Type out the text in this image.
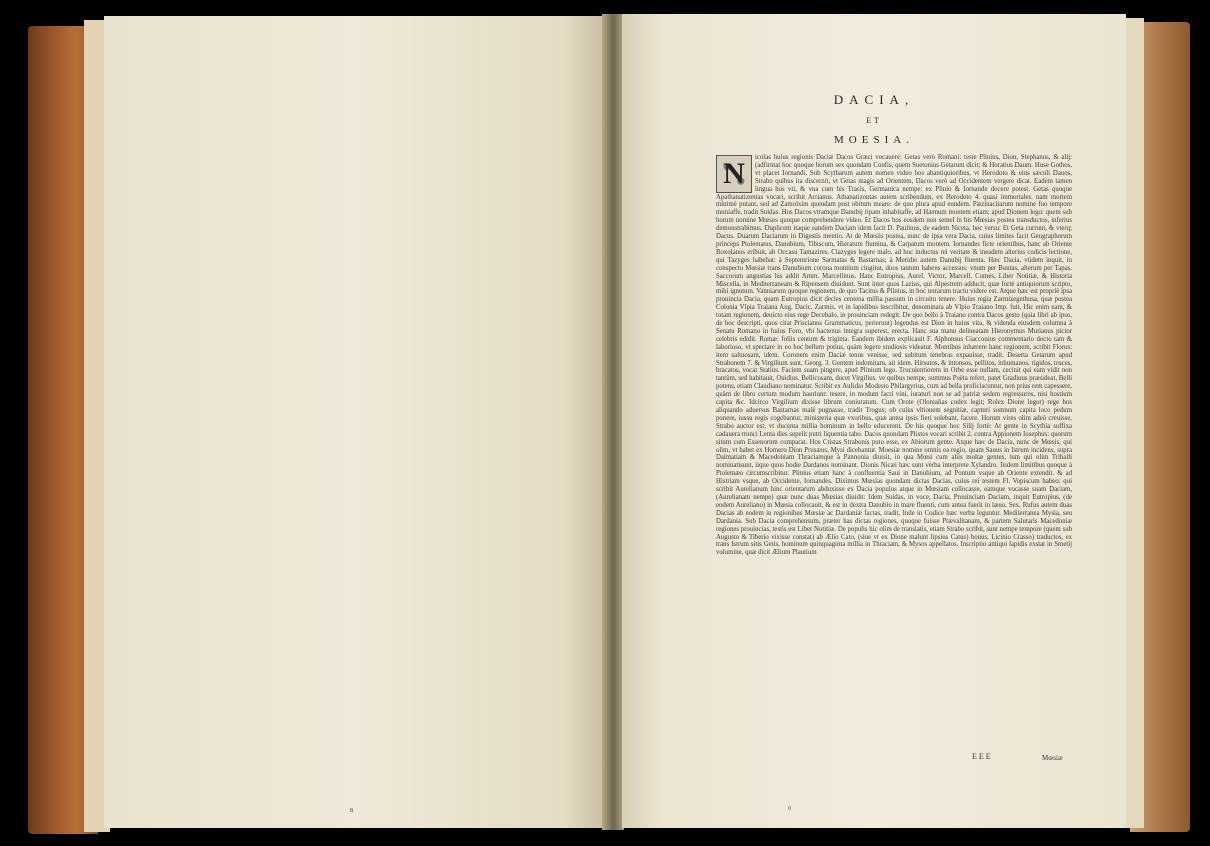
8
DACIA,
ET
MOESIA.
N	icolas huius regionis Daciæ Dacos Græci vocauere: Getas verò Romani: teste Plinius, Dion, Stephanus, & alij: (adfirmat hoc quoque horum sex quondam Confis, quem Suetonius Getarum dicit; & Horatius Daum. Huse Gothos, vt placet Iornandi. Sub Scytharum autem nomen video hos abantiquioribus, vt Herodoto & eius sæculi Dauos, Strabo quibus ita discernit, vt Getas magis ad Orientem, Dacos verò ad Occidentem vergere dicat. Eadem tamen lingua hos vti, & vna cum his Tracis, Germanica nempe: ex Plinio & Iornande docere potest. Getas quoque Apathanatizontas vocari, scribit Arrianus. Athanatizontas autem scribendum, ex Herodoto 4. quasi immortales. nam mortem minimè putant, sed ad Zamolxim quendam post obitum meare: de quo plura apud eundem. Pæzinacitarum nomine fuo tempore muniaffe, tradit Suidas. Hos Dacos vtramque Danubij ripam inhabitaffe, ad Hæmum montem etiam; apud Dionem lego: quem sub horum nomine Mœsos quoque comprehendere video. Et Dacos hos eosdem non semel in his Mœsias postea transductos, inferius demonstrabimus. Duplicem itaque eandem Daciam idem facit D. Paulinus, de eadem Niceta, hoc versu: Et Geta currunt, & vterq; Dacus. Duarum Daciarum in Digestis mentio. At de Mœsiis postea, nunc de ipsa vera Dacia, cuius limites facit Geographorum princeps Ptolemæus, Danubium, Tibiscum, Hieratum flumina, & Carpatum montem. Iornandes ficte orientibus, hanc ab Oriente Roxolanos eribuit, ab Occasu Tamazires. Clazyges legere malo, ad hoc inductus rei veritate & ineadem alterius codicis lectione, qui Tazyges habebat: à Septentrione Sarmatas & Bastarnas; à Meridie autem Danubij fluenta. Hæc Dacia, vtidem inquit, in conspectu Mœsiæ trans Danubium corona montium cingitur, duos tantum habens accessus: vnum per Boutas, alterum per Tapas. Saccorum angustias his addit Amm. Marcellinus. Hanc Eutropius, Aurel. Victor, Marcell. Comes, Liber Notitiæ, & Historia Miscella, in Mediterraneam & Ripensem diuidunt. Sunt inter quos Lazius, qui Alpestrem adducit, quæ fortè antiquiorum scripto, mihi ignotum. Vanniarum quoque regionem, de quo Tacitus & Plinius, in hoc terrarum tractu videre est. Atque hæc est propriè ipsa prouincia Dacia, quam Eutropius dicit decies centena millia passum in circuitu tenere. Huius regia Zarmizegethusa, quæ postea Colonia Vlpia Traiana Aug. Dacic. Zarmis, vt in lapidibus inscribitur, denominata ab Vlpio Traiano Imp. fuit. Hic enim eam, & totam regionem, deuicto eius rege Decebalo, in prouinciam redegit. De quo bello à Traiano contra Dacos gesto (quia libri ab ipso, de hoc descripti, quos citat Priscianus Grammaticus, perierunt) legendus est Dion in huius vita, & videnda eiusdem columna à Senatu Romano in huius Foro, vbi hactenus integra superest, erecta. Hanc sua manu delineatam Hieronymus Mutianus pictor celebris edidit. Romæ: foliis centum & triginta. Eandem ibidem explicauit F. Alphonsus Ciacconius commentario docto tam & laborioso, vt spectare in eo hoc bellum potius, quàm legere studiosis videatur. Montibus inhærere hanc regionem, scribit Florus: item saltuosam, idem. Coronem enim Daciæ tenus venisse, sed subitum tenebras expauisse, tradit. Deserta Getarum apud Strabonem 7. & Virgilium sunt, Georg. 3. Gentem indomitam, ait idem. Hirsutos, & intonsos, pellitos, inhumanos, rigidos, truces, bracatos, vocat Statius. Faciem suam pingere, apud Plinium lego. Truculentiorem in Orbe esse nullam, cecinit qui eam vidit non tantùm, sed habitauit, Ouidius. Bellicosam, docet Virgilius. ve quibus nempe, summus Poëta refert, patet Gradiuus præsideat, Belli potens, etiam Claudiano nominatur. Scribit ex Aufidio Modesto Philargyrius, cum ad bella proficiscuntur, non prius rem capessere, quàm de libro certum modum hauriunt: tesere, in modum facri vini, iuraturi non se ad patriæ sedem regressuros, nisi hostium capita &c. Idcirco Virgilium dixisse librum coniuratum. Cum Orote (Olorealias codex legit; Rolex Dione legor) rege hos aliquando aduersus Bastarnas malè pugnasse, tradit Trogus; ob cuius vltionem segnitiæ, capturi somnum capita loco pedum ponere, iussu regis cogebantur, ministeria quæ vxoribus, quæ antea ipsis fieri solebant, facere. Horum vires olim adeò creuisse, Strabo auctor est, vt ducenta millia hominum in bello educerent. De his quoque hoc Silij fortè: At gente in Scythia suffixa cadauera trunci Lenta dies sepelit putri liquentia tabo. Dacos quondam Plistos vocari scribit 2. contra Appionem Iosephus: quorum situm cum Essenorum comparat. Hos Ctistas Strabonis puto esse, ex Abiorum gente. Atque hæc de Dacia, nunc de Mœsis, qui olim, vt habet ex Homero Dion Prusæus, Mysi dicebantur. Moesiæ nomine omnis ea regio, quam Sauus in Istrum incidens, supra Dalmatiam & Macedoniam Thraciamque à Pannonia diuisit, in qua Mœsi cum aliis moltæ gentes, tum qui olim Triballi nominatisunt, iique quos hodie Dardanos nominant. Dionis Nicæi hæc sunt verba interprete Xylandro. Iisdem limitibus quoque à Ptolemæo circumscribitur. Plinius etiam hanc à confluentia Saui in Danubium, ad Pontum vsque ab Oriente extendit. & ad Histriam vsque, ab Occidente, Iornandes. Diximus Mœsias quondam dictas Dacias, cuius rei testem Fl. Vopiscum habeo: qui scribit Aurelianum hinc orientarum abduxisse ex Dacia populos atque in Mœsiam collocasse, eamque vocasse suam Daciam, (Aurelianam nempe) quæ nunc duas Mœsias diuidit: Idem Suidas, in voce, Dacia, Prouinciam Daciam, inquit Eutropius, (de eodem Aureliano) in Mœsia collocauit, & est in dextra Danubio in mare fluenti, cum antea fuerit in læuo. Sex. Rufus autem duas Dacias ab eodem in regionibus Mœsiæ ac Dardaniæ factas, tradit. Inde in Codice hæc verba leguntur. Mediterranea Mysia, seu Dardania. Sub Dacia comprehensum, præter has dictas regiones, quoque fuisse Prævalitanam, & partem Salutaris Macedoniæ regiones prouincias, testis est Liber Notitiæ. De populis hic olim de translatis, etiam Strabo scribit, sunt nempe tempore (quem sub Augusto & Tiberio vixisse constat) ab Ælio Cato, (siue vt ex Dione malunt lipsius Catus) bonus, Licinio Crasso) traductos, ex trans Istrum sitis Getis, hominum quinquaginta millia in Thraciam, & Mysos appellatos. Inscriptio antiqui lapidis exstat in Smetij volumine, quæ dicit Ælium Plautium
EEE	Mœsiæ
0
